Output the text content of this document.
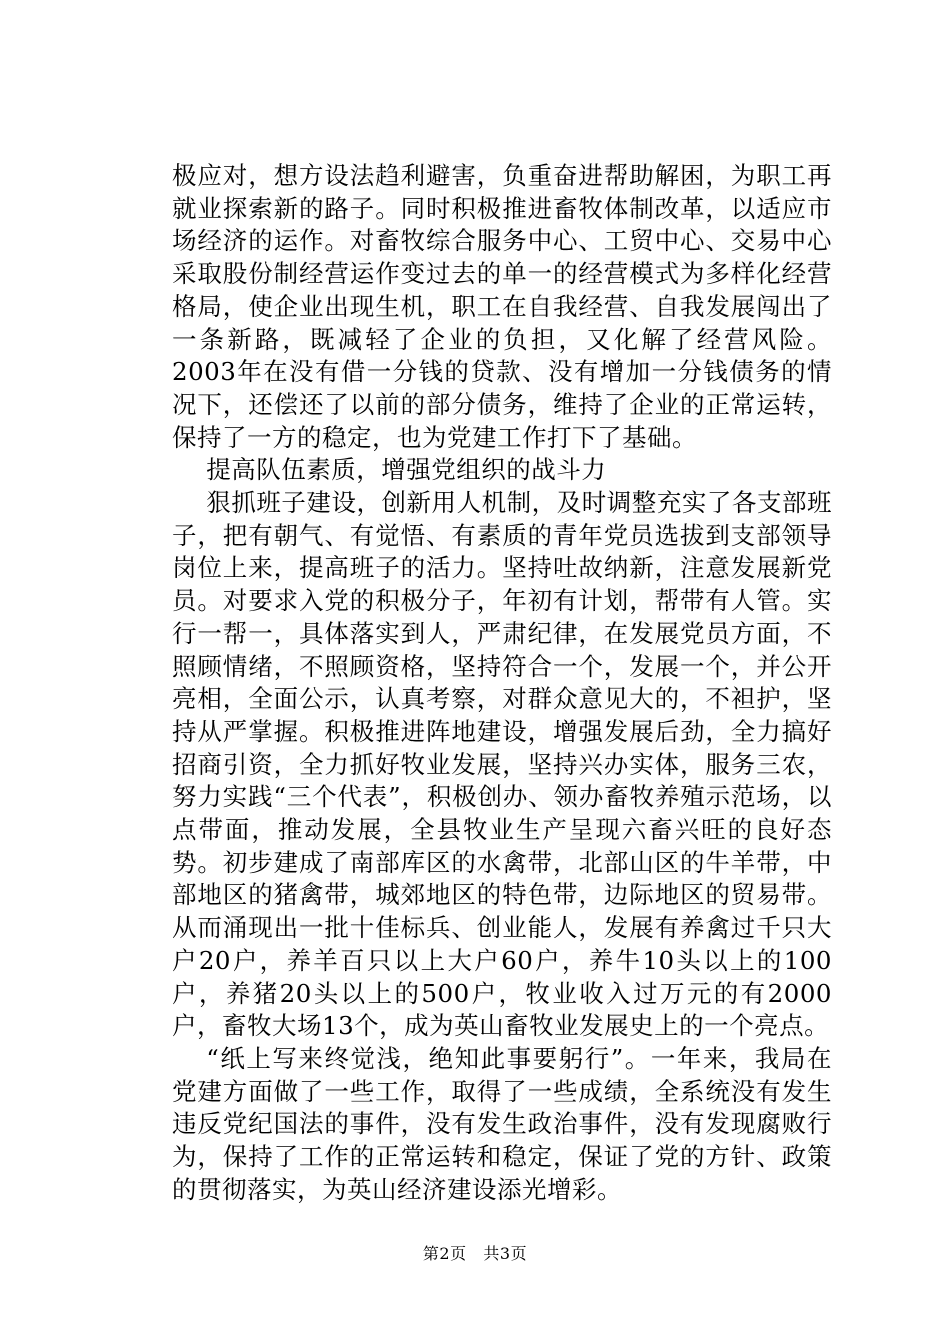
极应对，想方设法趋利避害，负重奋进帮助解困，为职工再就业探索新的路子。同时积极推进畜牧体制改革，以适应市场经济的运作。对畜牧综合服务中心、工贸中心、交易中心采取股份制经营运作变过去的单一的经营模式为多样化经营格局，使企业出现生机，职工在自我经营、自我发展闯出了一条新路，既减轻了企业的负担，又化解了经营风险。2003年在没有借一分钱的贷款、没有增加一分钱债务的情况下，还偿还了以前的部分债务，维持了企业的正常运转，保持了一方的稳定，也为党建工作打下了基础。

提高队伍素质，增强党组织的战斗力

狠抓班子建设，创新用人机制，及时调整充实了各支部班子，把有朝气、有觉悟、有素质的青年党员选拔到支部领导岗位上来，提高班子的活力。坚持吐故纳新，注意发展新党员。对要求入党的积极分子，年初有计划，帮带有人管。实行一帮一，具体落实到人，严肃纪律，在发展党员方面，不照顾情绪，不照顾资格，坚持符合一个，发展一个，并公开亮相，全面公示，认真考察，对群众意见大的，不袒护，坚持从严掌握。积极推进阵地建设，增强发展后劲，全力搞好招商引资，全力抓好牧业发展，坚持兴办实体，服务三农，努力实践“三个代表”，积极创办、领办畜牧养殖示范场，以点带面，推动发展，全县牧业生产呈现六畜兴旺的良好态势。初步建成了南部库区的水禽带，北部山区的牛羊带，中部地区的猪禽带，城郊地区的特色带，边际地区的贸易带。从而涌现出一批十佳标兵、创业能人，发展有养禽过千只大户20户，养羊百只以上大户60户，养牛10头以上的100户，养猪20头以上的500户，牧业收入过万元的有2000户，畜牧大场13个，成为英山畜牧业发展史上的一个亮点。

“纸上写来终觉浅，绝知此事要躬行”。一年来，我局在党建方面做了一些工作，取得了一些成绩，全系统没有发生违反党纪国法的事件，没有发生政治事件，没有发现腐败行为，保持了工作的正常运转和稳定，保证了党的方针、政策的贯彻落实，为英山经济建设添光增彩。

第2页 共3页
